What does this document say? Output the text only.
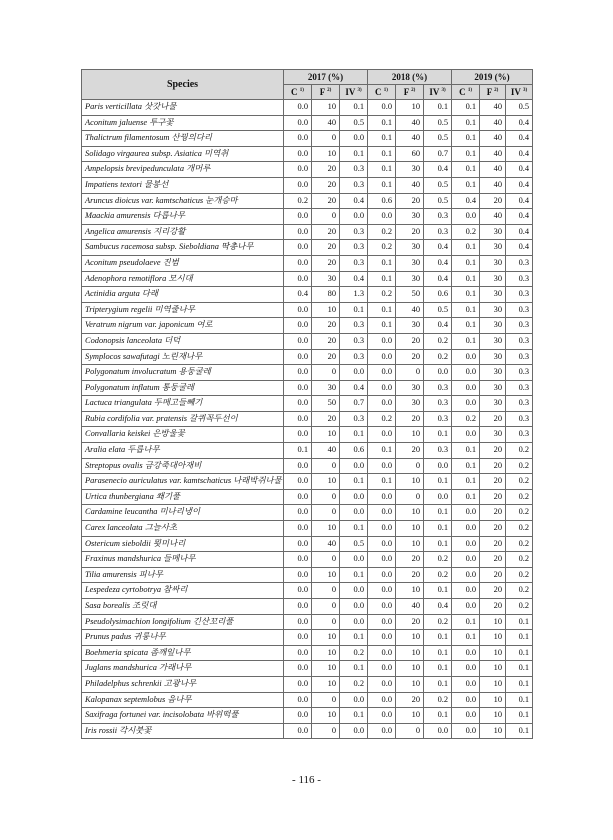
Species	2017 (%)			2018 (%)			2019 (%)		
	C $^{1)}$	F $^{2)}$	IV $^{3)}$	C $^{1)}$	F $^{2)}$	IV $^{3)}$	C $^{1)}$	F $^{2)}$	IV $^{3)}$
Paris verticillata 삿갓나물	0.0	10	0.1	0.0	10	0.1	0.1	40	0.5
Aconitum jaluense 투구꽃	0.0	40	0.5	0.1	40	0.5	0.1	40	0.4
Thalictrum filamentosum 산꿩의다리	0.0	0	0.0	0.1	40	0.5	0.1	40	0.4
Solidago virgaurea subsp. Asiatica 미역취	0.0	10	0.1	0.1	60	0.7	0.1	40	0.4
Ampelopsis brevipedunculata 개머루	0.0	20	0.3	0.1	30	0.4	0.1	40	0.4
Impatiens textori 물봉선	0.0	20	0.3	0.1	40	0.5	0.1	40	0.4
Aruncus dioicus var. kamtschaticus 눈개승마	0.2	20	0.4	0.6	20	0.5	0.4	20	0.4
Maackia amurensis 다릅나무	0.0	0	0.0	0.0	30	0.3	0.0	40	0.4
Angelica amurensis 지리강활	0.0	20	0.3	0.2	20	0.3	0.2	30	0.4
Sambucus racemosa subsp. Sieboldiana 딱총나무	0.0	20	0.3	0.2	30	0.4	0.1	30	0.4
Aconitum pseudolaeve 진범	0.0	20	0.3	0.1	30	0.4	0.1	30	0.3
Adenophora remotiflora 모시대	0.0	30	0.4	0.1	30	0.4	0.1	30	0.3
Actinidia arguta 다래	0.4	80	1.3	0.2	50	0.6	0.1	30	0.3
Tripterygium regelii 미역줄나무	0.0	10	0.1	0.1	40	0.5	0.1	30	0.3
Veratrum nigrum var. japonicum 여로	0.0	20	0.3	0.1	30	0.4	0.1	30	0.3
Codonopsis lanceolata 더덕	0.0	20	0.3	0.0	20	0.2	0.1	30	0.3
Symplocos sawafutagi 노린재나무	0.0	20	0.3	0.0	20	0.2	0.0	30	0.3
Polygonatum involucratum 용둥굴레	0.0	0	0.0	0.0	0	0.0	0.0	30	0.3
Polygonatum inflatum 통둥굴레	0.0	30	0.4	0.0	30	0.3	0.0	30	0.3
Lactuca triangulata 두메고들빼기	0.0	50	0.7	0.0	30	0.3	0.0	30	0.3
Rubia cordifolia var. pratensis 갈퀴꼭두선이	0.0	20	0.3	0.2	20	0.3	0.2	20	0.3
Convallaria keiskei 은방울꽃	0.0	10	0.1	0.0	10	0.1	0.0	30	0.3
Aralia elata 두릅나무	0.1	40	0.6	0.1	20	0.3	0.1	20	0.2
Streptopus ovalis 금강죽대아재비	0.0	0	0.0	0.0	0	0.0	0.1	20	0.2
Parasenecio auriculatus var. kamtschaticus 나래박쥐나물	0.0	10	0.1	0.1	10	0.1	0.1	20	0.2
Urtica thunbergiana 쐐기풀	0.0	0	0.0	0.0	0	0.0	0.1	20	0.2
Cardamine leucantha 미나리냉이	0.0	0	0.0	0.0	10	0.1	0.0	20	0.2
Carex lanceolata 그늘사초	0.0	10	0.1	0.0	10	0.1	0.0	20	0.2
Ostericum sieboldii 묏미나리	0.0	40	0.5	0.0	10	0.1	0.0	20	0.2
Fraxinus mandshurica 들메나무	0.0	0	0.0	0.0	20	0.2	0.0	20	0.2
Tilia amurensis 피나무	0.0	10	0.1	0.0	20	0.2	0.0	20	0.2
Lespedeza cyrtobotrya 참싸리	0.0	0	0.0	0.0	10	0.1	0.0	20	0.2
Sasa borealis 조릿대	0.0	0	0.0	0.0	40	0.4	0.0	20	0.2
Pseudolysimachion longifolium 긴산꼬리풀	0.0	0	0.0	0.0	20	0.2	0.1	10	0.1
Prunus padus 귀룽나무	0.0	10	0.1	0.0	10	0.1	0.1	10	0.1
Boehmeria spicata 좀깨잎나무	0.0	10	0.2	0.0	10	0.1	0.0	10	0.1
Juglans mandshurica 가래나무	0.0	10	0.1	0.0	10	0.1	0.0	10	0.1
Philadelphus schrenkii 고광나무	0.0	10	0.2	0.0	10	0.1	0.0	10	0.1
Kalopanax septemlobus 음나무	0.0	0	0.0	0.0	20	0.2	0.0	10	0.1
Saxifraga fortunei var. incisolobata 바위떡풀	0.0	10	0.1	0.0	10	0.1	0.0	10	0.1
Iris rossii 각시붓꽃	0.0	0	0.0	0.0	0	0.0	0.0	10	0.1
- 116 -
